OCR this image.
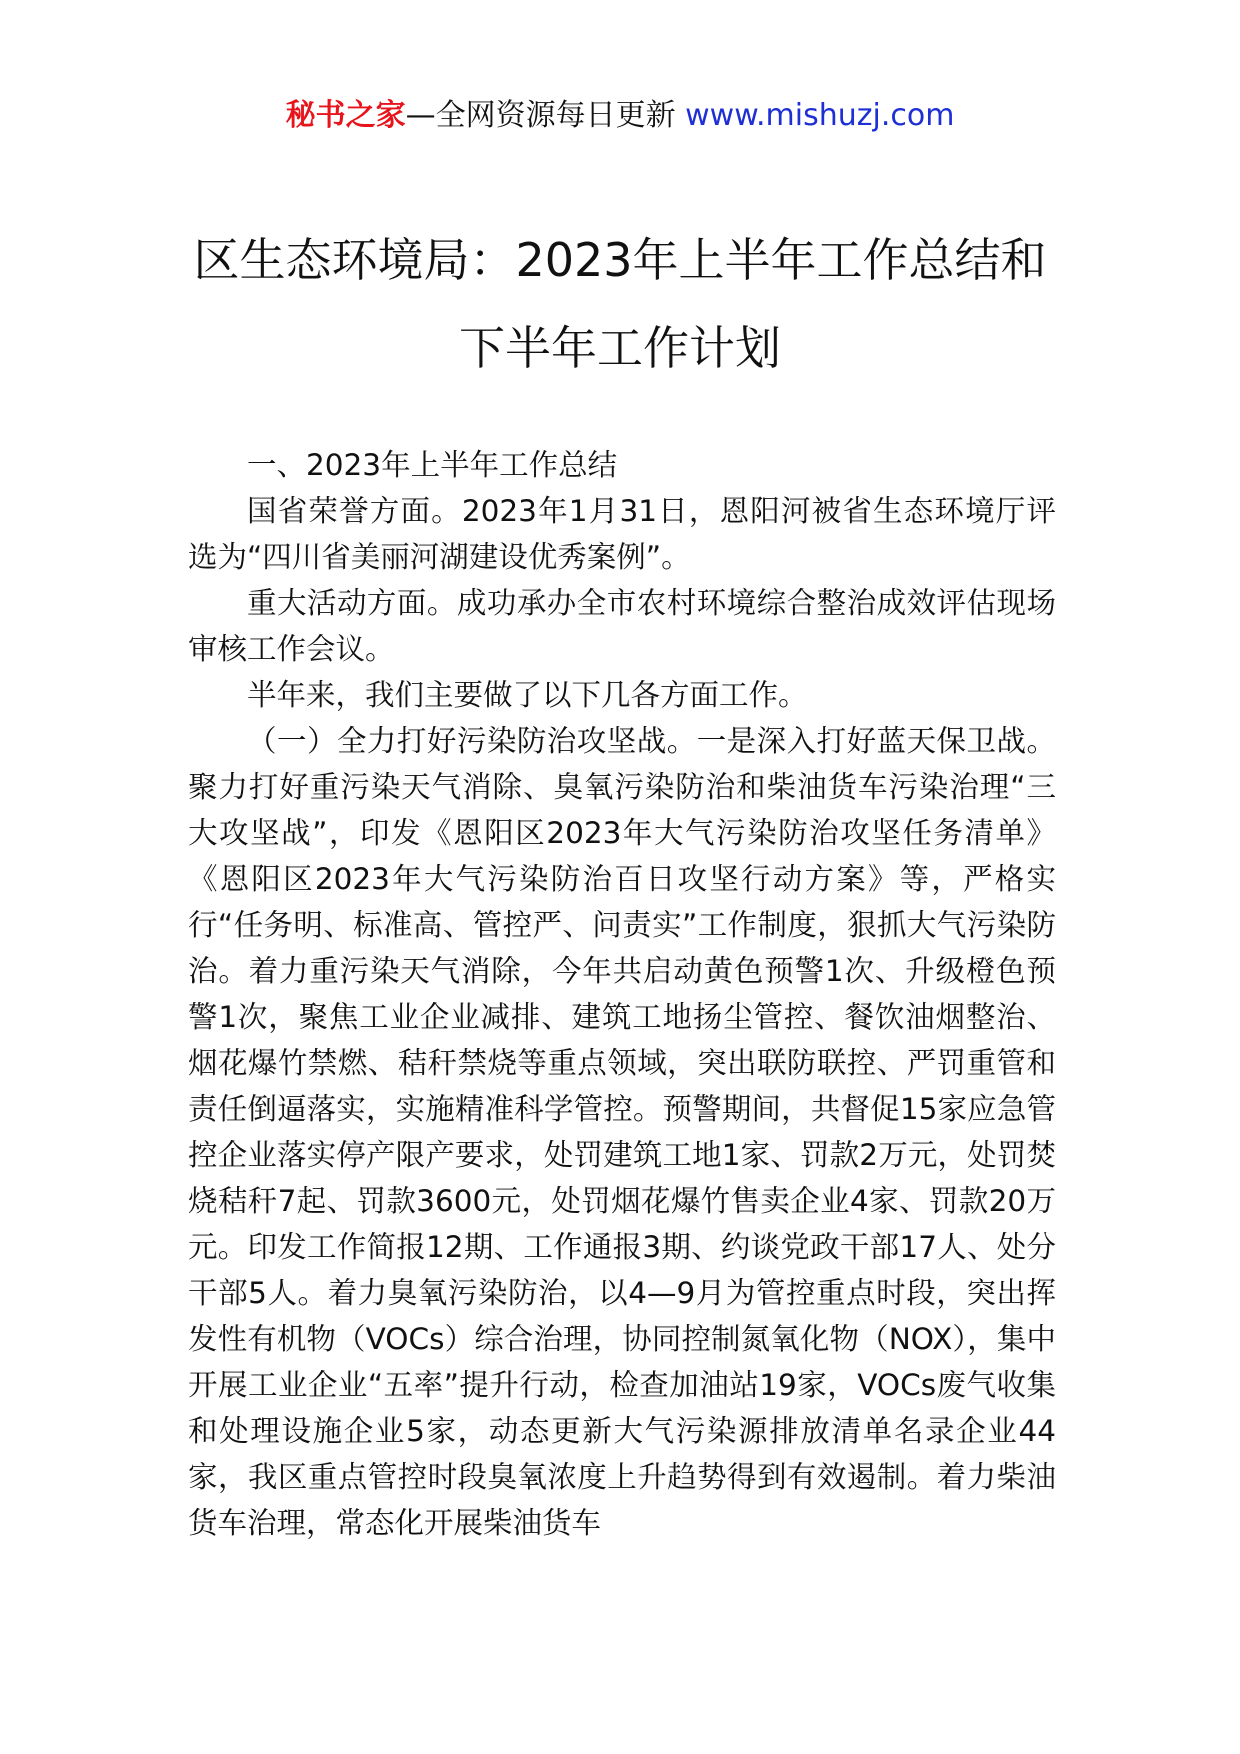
秘书之家—全网资源每日更新 www.mishuzj.com
区生态环境局：2023年上半年工作总结和
下半年工作计划

一、2023年上半年工作总结

国省荣誉方面。2023年1月31日，恩阳河被省生态环境厅评选为“四川省美丽河湖建设优秀案例”。

重大活动方面。成功承办全市农村环境综合整治成效评估现场审核工作会议。

半年来，我们主要做了以下几各方面工作。

（一）全力打好污染防治攻坚战。一是深入打好蓝天保卫战。聚力打好重污染天气消除、臭氧污染防治和柴油货车污染治理“三大攻坚战”，印发《恩阳区2023年大气污染防治攻坚任务清单》《恩阳区2023年大气污染防治百日攻坚行动方案》等，严格实行“任务明、标准高、管控严、问责实”工作制度，狠抓大气污染防治。着力重污染天气消除，今年共启动黄色预警1次、升级橙色预警1次，聚焦工业企业减排、建筑工地扬尘管控、餐饮油烟整治、烟花爆竹禁燃、秸秆禁烧等重点领域，突出联防联控、严罚重管和责任倒逼落实，实施精准科学管控。预警期间，共督促15家应急管控企业落实停产限产要求，处罚建筑工地1家、罚款2万元，处罚焚烧秸秆7起、罚款3600元，处罚烟花爆竹售卖企业4家、罚款20万元。印发工作简报12期、工作通报3期、约谈党政干部17人、处分干部5人。着力臭氧污染防治，以4—9月为管控重点时段，突出挥发性有机物（VOCs）综合治理，协同控制氮氧化物（NOX），集中开展工业企业“五率”提升行动，检查加油站19家，VOCs废气收集和处理设施企业5家，动态更新大气污染源排放清单名录企业44家，我区重点管控时段臭氧浓度上升趋势得到有效遏制。着力柴油货车治理，常态化开展柴油货车
